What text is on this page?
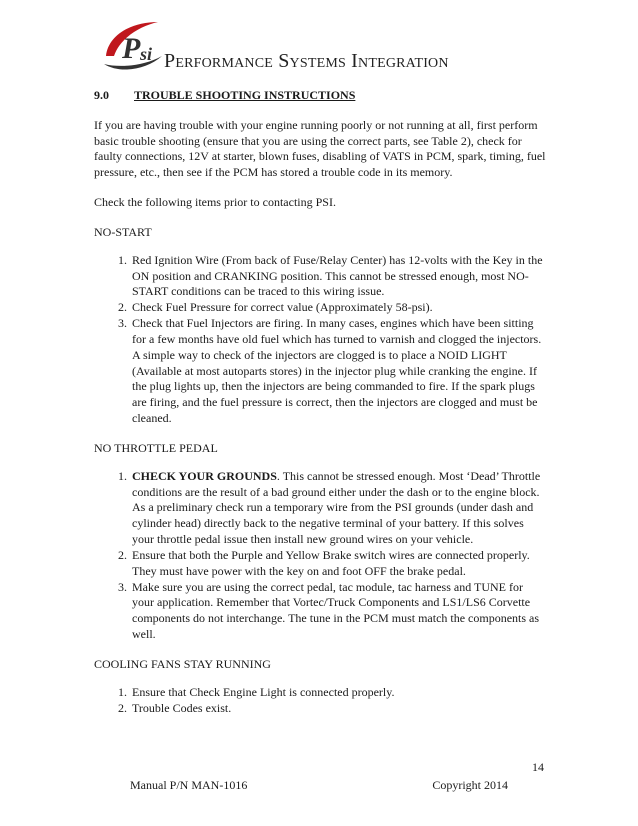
P si Performance Systems Integration
9.0	TROUBLE SHOOTING INSTRUCTIONS

If you are having trouble with your engine running poorly or not running at all, first perform basic trouble shooting (ensure that you are using the correct parts, see Table 2), check for faulty connections, 12V at starter, blown fuses, disabling of VATS in PCM, spark, timing, fuel pressure, etc., then see if the PCM has stored a trouble code in its memory.

Check the following items prior to contacting PSI.

NO-START
1. Red Ignition Wire (From back of Fuse/Relay Center) has 12-volts with the Key in the ON position and CRANKING position. This cannot be stressed enough, most NO-START conditions can be traced to this wiring issue.
2. Check Fuel Pressure for correct value (Approximately 58-psi).
3. Check that Fuel Injectors are firing. In many cases, engines which have been sitting for a few months have old fuel which has turned to varnish and clogged the injectors. A simple way to check of the injectors are clogged is to place a NOID LIGHT (Available at most autoparts stores) in the injector plug while cranking the engine. If the plug lights up, then the injectors are being commanded to fire. If the spark plugs are firing, and the fuel pressure is correct, then the injectors are clogged and must be cleaned.
NO THROTTLE PEDAL
1. CHECK YOUR GROUNDS. This cannot be stressed enough. Most ‘Dead’ Throttle conditions are the result of a bad ground either under the dash or to the engine block. As a preliminary check run a temporary wire from the PSI grounds (under dash and cylinder head) directly back to the negative terminal of your battery. If this solves your throttle pedal issue then install new ground wires on your vehicle.
2. Ensure that both the Purple and Yellow Brake switch wires are connected properly. They must have power with the key on and foot OFF the brake pedal.
3. Make sure you are using the correct pedal, tac module, tac harness and TUNE for your application. Remember that Vortec/Truck Components and LS1/LS6 Corvette components do not interchange. The tune in the PCM must match the components as well.
COOLING FANS STAY RUNNING
1. Ensure that Check Engine Light is connected properly.
2. Trouble Codes exist.
14
Manual P/N MAN-1016	Copyright 2014
